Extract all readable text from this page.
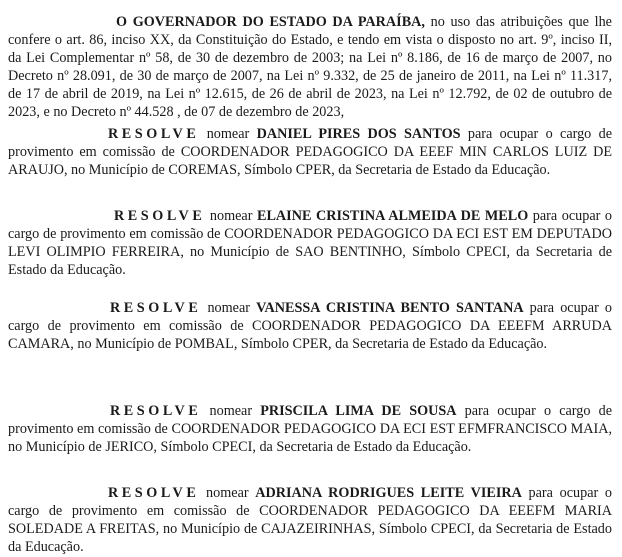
O GOVERNADOR DO ESTADO DA PARAÍBA, no uso das atribuições que lhe confere o art. 86, inciso XX, da Constituição do Estado, e tendo em vista o disposto no art. 9º, inciso II, da Lei Complementar nº 58, de 30 de dezembro de 2003; na Lei nº 8.186, de 16 de março de 2007, no Decreto nº 28.091, de 30 de março de 2007, na Lei nº 9.332, de 25 de janeiro de 2011, na Lei nº 11.317, de 17 de abril de 2019, na Lei nº 12.615, de 26 de abril de 2023, na Lei nº 12.792, de 02 de outubro de 2023, e no Decreto nº 44.528 , de 07 de dezembro de 2023,

RESOLVE nomear DANIEL PIRES DOS SANTOS para ocupar o cargo de provimento em comissão de COORDENADOR PEDAGOGICO DA EEEF MIN CARLOS LUIZ DE ARAUJO, no Município de COREMAS, Símbolo CPER, da Secretaria de Estado da Educação.

RESOLVE nomear ELAINE CRISTINA ALMEIDA DE MELO para ocupar o cargo de provimento em comissão de COORDENADOR PEDAGOGICO DA ECI EST EM DEPUTADO LEVI OLIMPIO FERREIRA, no Município de SAO BENTINHO, Símbolo CPECI, da Secretaria de Estado da Educação.

RESOLVE nomear VANESSA CRISTINA BENTO SANTANA para ocupar o cargo de provimento em comissão de COORDENADOR PEDAGOGICO DA EEEFM ARRUDA CAMARA, no Município de POMBAL, Símbolo CPER, da Secretaria de Estado da Educação.

RESOLVE nomear PRISCILA LIMA DE SOUSA para ocupar o cargo de provimento em comissão de COORDENADOR PEDAGOGICO DA ECI EST EFMFRANCISCO MAIA, no Município de JERICO, Símbolo CPECI, da Secretaria de Estado da Educação.

RESOLVE nomear ADRIANA RODRIGUES LEITE VIEIRA para ocupar o cargo de provimento em comissão de COORDENADOR PEDAGOGICO DA EEEFM MARIA SOLEDADE A FREITAS, no Município de CAJAZEIRINHAS, Símbolo CPECI, da Secretaria de Estado da Educação.
